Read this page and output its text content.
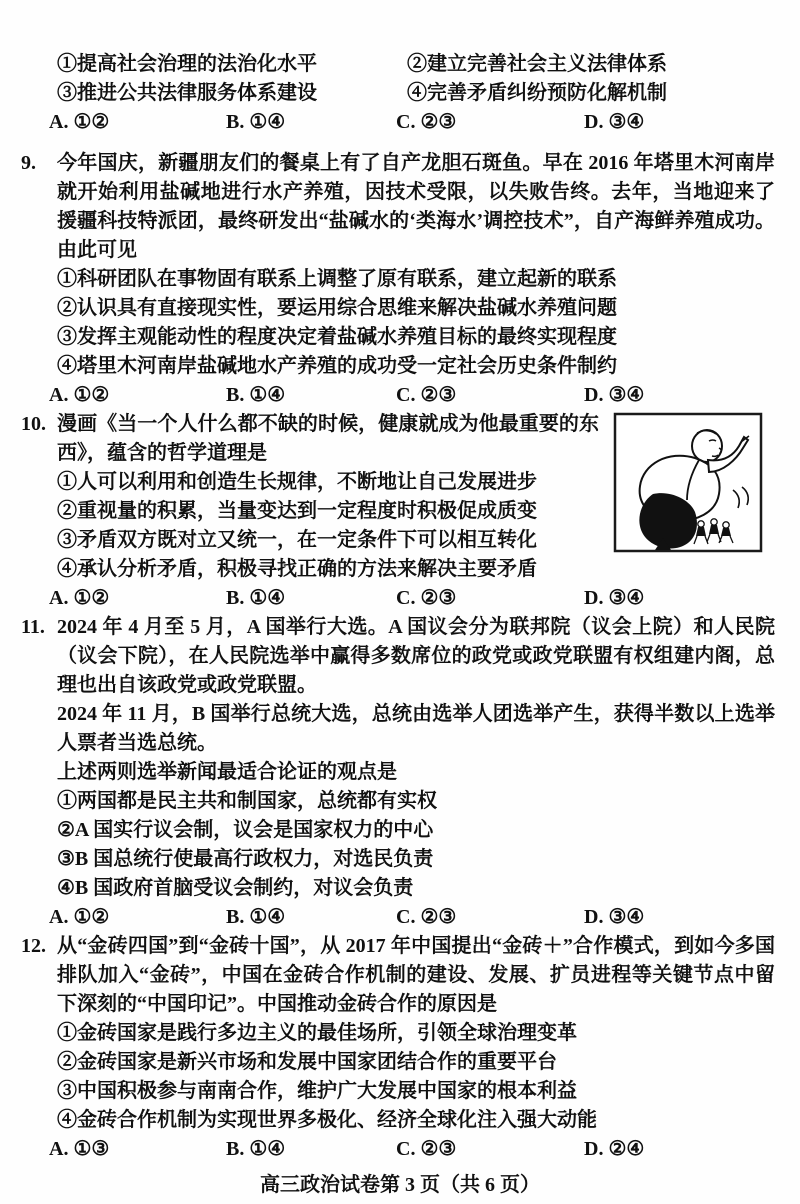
①提高社会治理的法治化水平	②建立完善社会主义法律体系
③推进公共法律服务体系建设	④完善矛盾纠纷预防化解机制
A. ①②	B. ①④	C. ②③	D. ③④
9.	今年国庆，新疆朋友们的餐桌上有了自产龙胆石斑鱼。早在 2016 年塔里木河南岸就开始利用盐碱地进行水产养殖，因技术受限，以失败告终。去年，当地迎来了援疆科技特派团，最终研发出“盐碱水的‘类海水’调控技术”，自产海鲜养殖成功。由此可见

①科研团队在事物固有联系上调整了原有联系，建立起新的联系
②认识具有直接现实性，要运用综合思维来解决盐碱水养殖问题
③发挥主观能动性的程度决定着盐碱水养殖目标的最终实现程度
④塔里木河南岸盐碱地水产养殖的成功受一定社会历史条件制约
A. ①②	B. ①④	C. ②③	D. ③④
10. 漫画《当一个人什么都不缺的时候，健康就成为他最重要的东西》，蕴含的哲学道理是

①人可以利用和创造生长规律，不断地让自己发展进步
②重视量的积累，当量变达到一定程度时积极促成质变
③矛盾双方既对立又统一，在一定条件下可以相互转化
④承认分析矛盾，积极寻找正确的方法来解决主要矛盾
A. ①②	B. ①④	C. ②③	D. ③④
11. 2024 年 4 月至 5 月，A 国举行大选。A 国议会分为联邦院（议会上院）和人民院（议会下院），在人民院选举中赢得多数席位的政党或政党联盟有权组建内阁，总理也出自该政党或政党联盟。

2024 年 11 月，B 国举行总统大选，总统由选举人团选举产生，获得半数以上选举人票者当选总统。

上述两则选举新闻最适合论证的观点是

①两国都是民主共和制国家，总统都有实权
②A 国实行议会制，议会是国家权力的中心
③B 国总统行使最高行政权力，对选民负责
④B 国政府首脑受议会制约，对议会负责
A. ①②	B. ①④	C. ②③	D. ③④
12. 从“金砖四国”到“金砖十国”，从 2017 年中国提出“金砖＋”合作模式，到如今多国排队加入“金砖”，中国在金砖合作机制的建设、发展、扩员进程等关键节点中留下深刻的“中国印记”。中国推动金砖合作的原因是

①金砖国家是践行多边主义的最佳场所，引领全球治理变革
②金砖国家是新兴市场和发展中国家团结合作的重要平台
③中国积极参与南南合作，维护广大发展中国家的根本利益
④金砖合作机制为实现世界多极化、经济全球化注入强大动能
A. ①③	B. ①④	C. ②③	D. ②④
高三政治试卷第 3 页（共 6 页）
